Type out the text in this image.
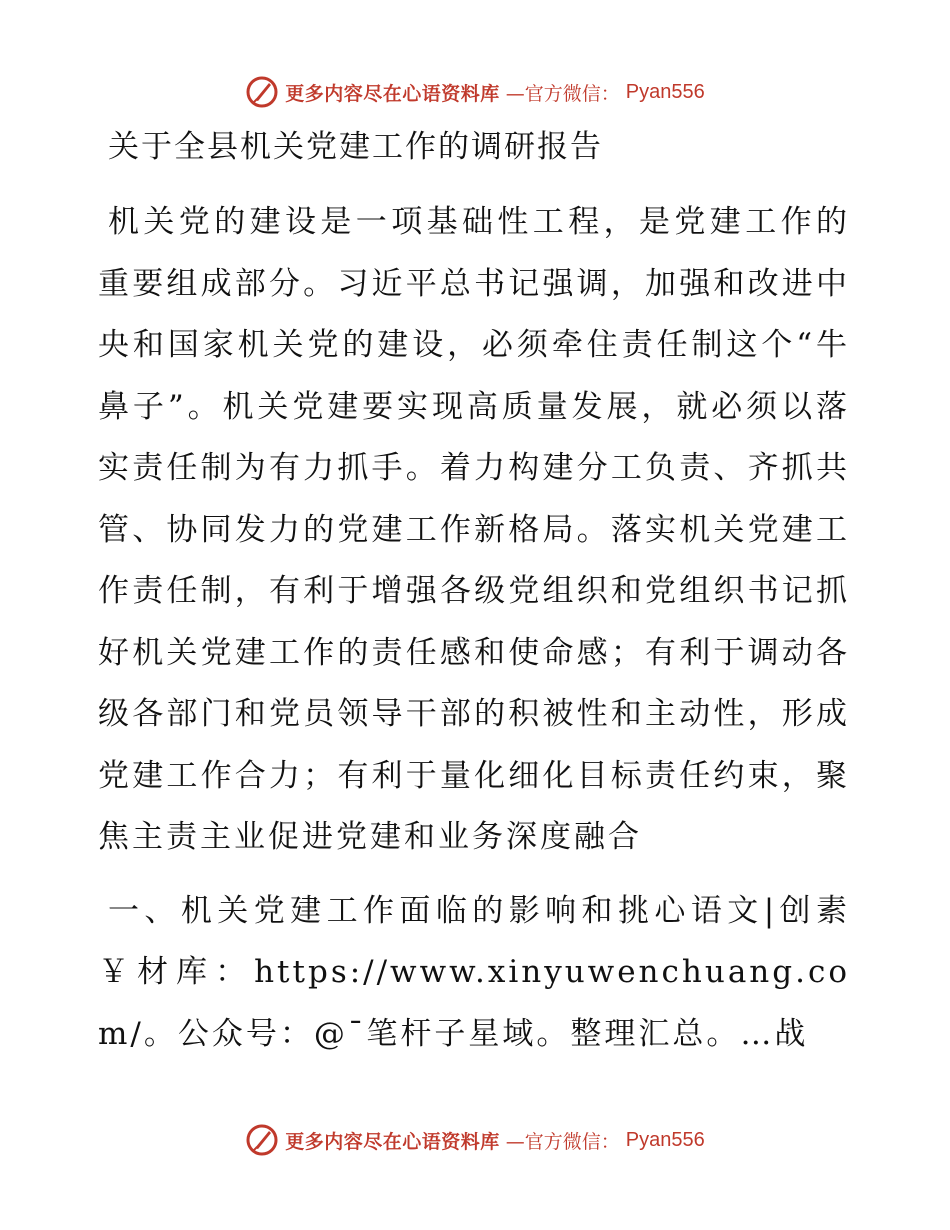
更多内容尽在心语资料库 —官方微信： Pyan556
关于全县机关党建工作的调研报告

机关党的建设是一项基础性工程，是党建工作的重要组成部分。习近平总书记强调，加强和改进中央和国家机关党的建设，必须牵住责任制这个“牛鼻子”。机关党建要实现高质量发展，就必须以落实责任制为有力抓手。着力构建分工负责、齐抓共管、协同发力的党建工作新格局。落实机关党建工作责任制，有利于增强各级党组织和党组织书记抓好机关党建工作的责任感和使命感；有利于调动各级各部门和党员领导干部的积被性和主动性，形成党建工作合力；有利于量化细化目标责任约束，聚焦主责主业促进党建和业务深度融合

一、机关党建工作面临的影响和挑心语文|创素￥材库：https://www.xinyuwenchuang.com/。公众号：@¯笔杆子星域。整理汇总。…战

更多内容尽在心语资料库 —官方微信： Pyan556
